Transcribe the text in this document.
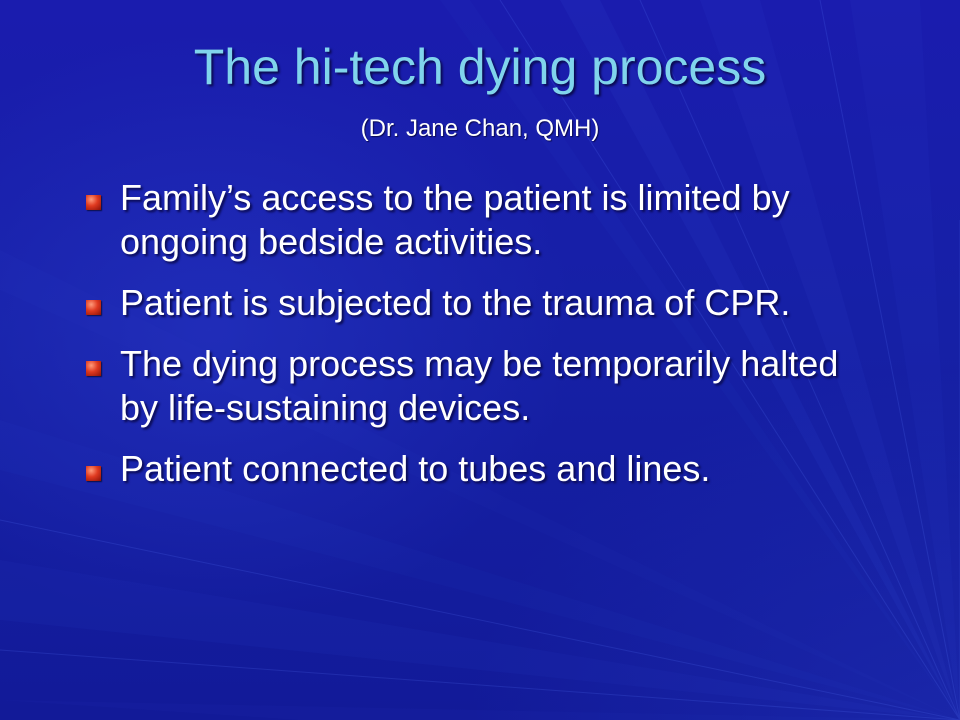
The hi-tech dying process
(Dr. Jane Chan, QMH)
Family’s access to the patient is limited by ongoing bedside activities.
Patient is subjected to the trauma of CPR.
The dying process may be temporarily halted by life-sustaining devices.
Patient connected to tubes and lines.
